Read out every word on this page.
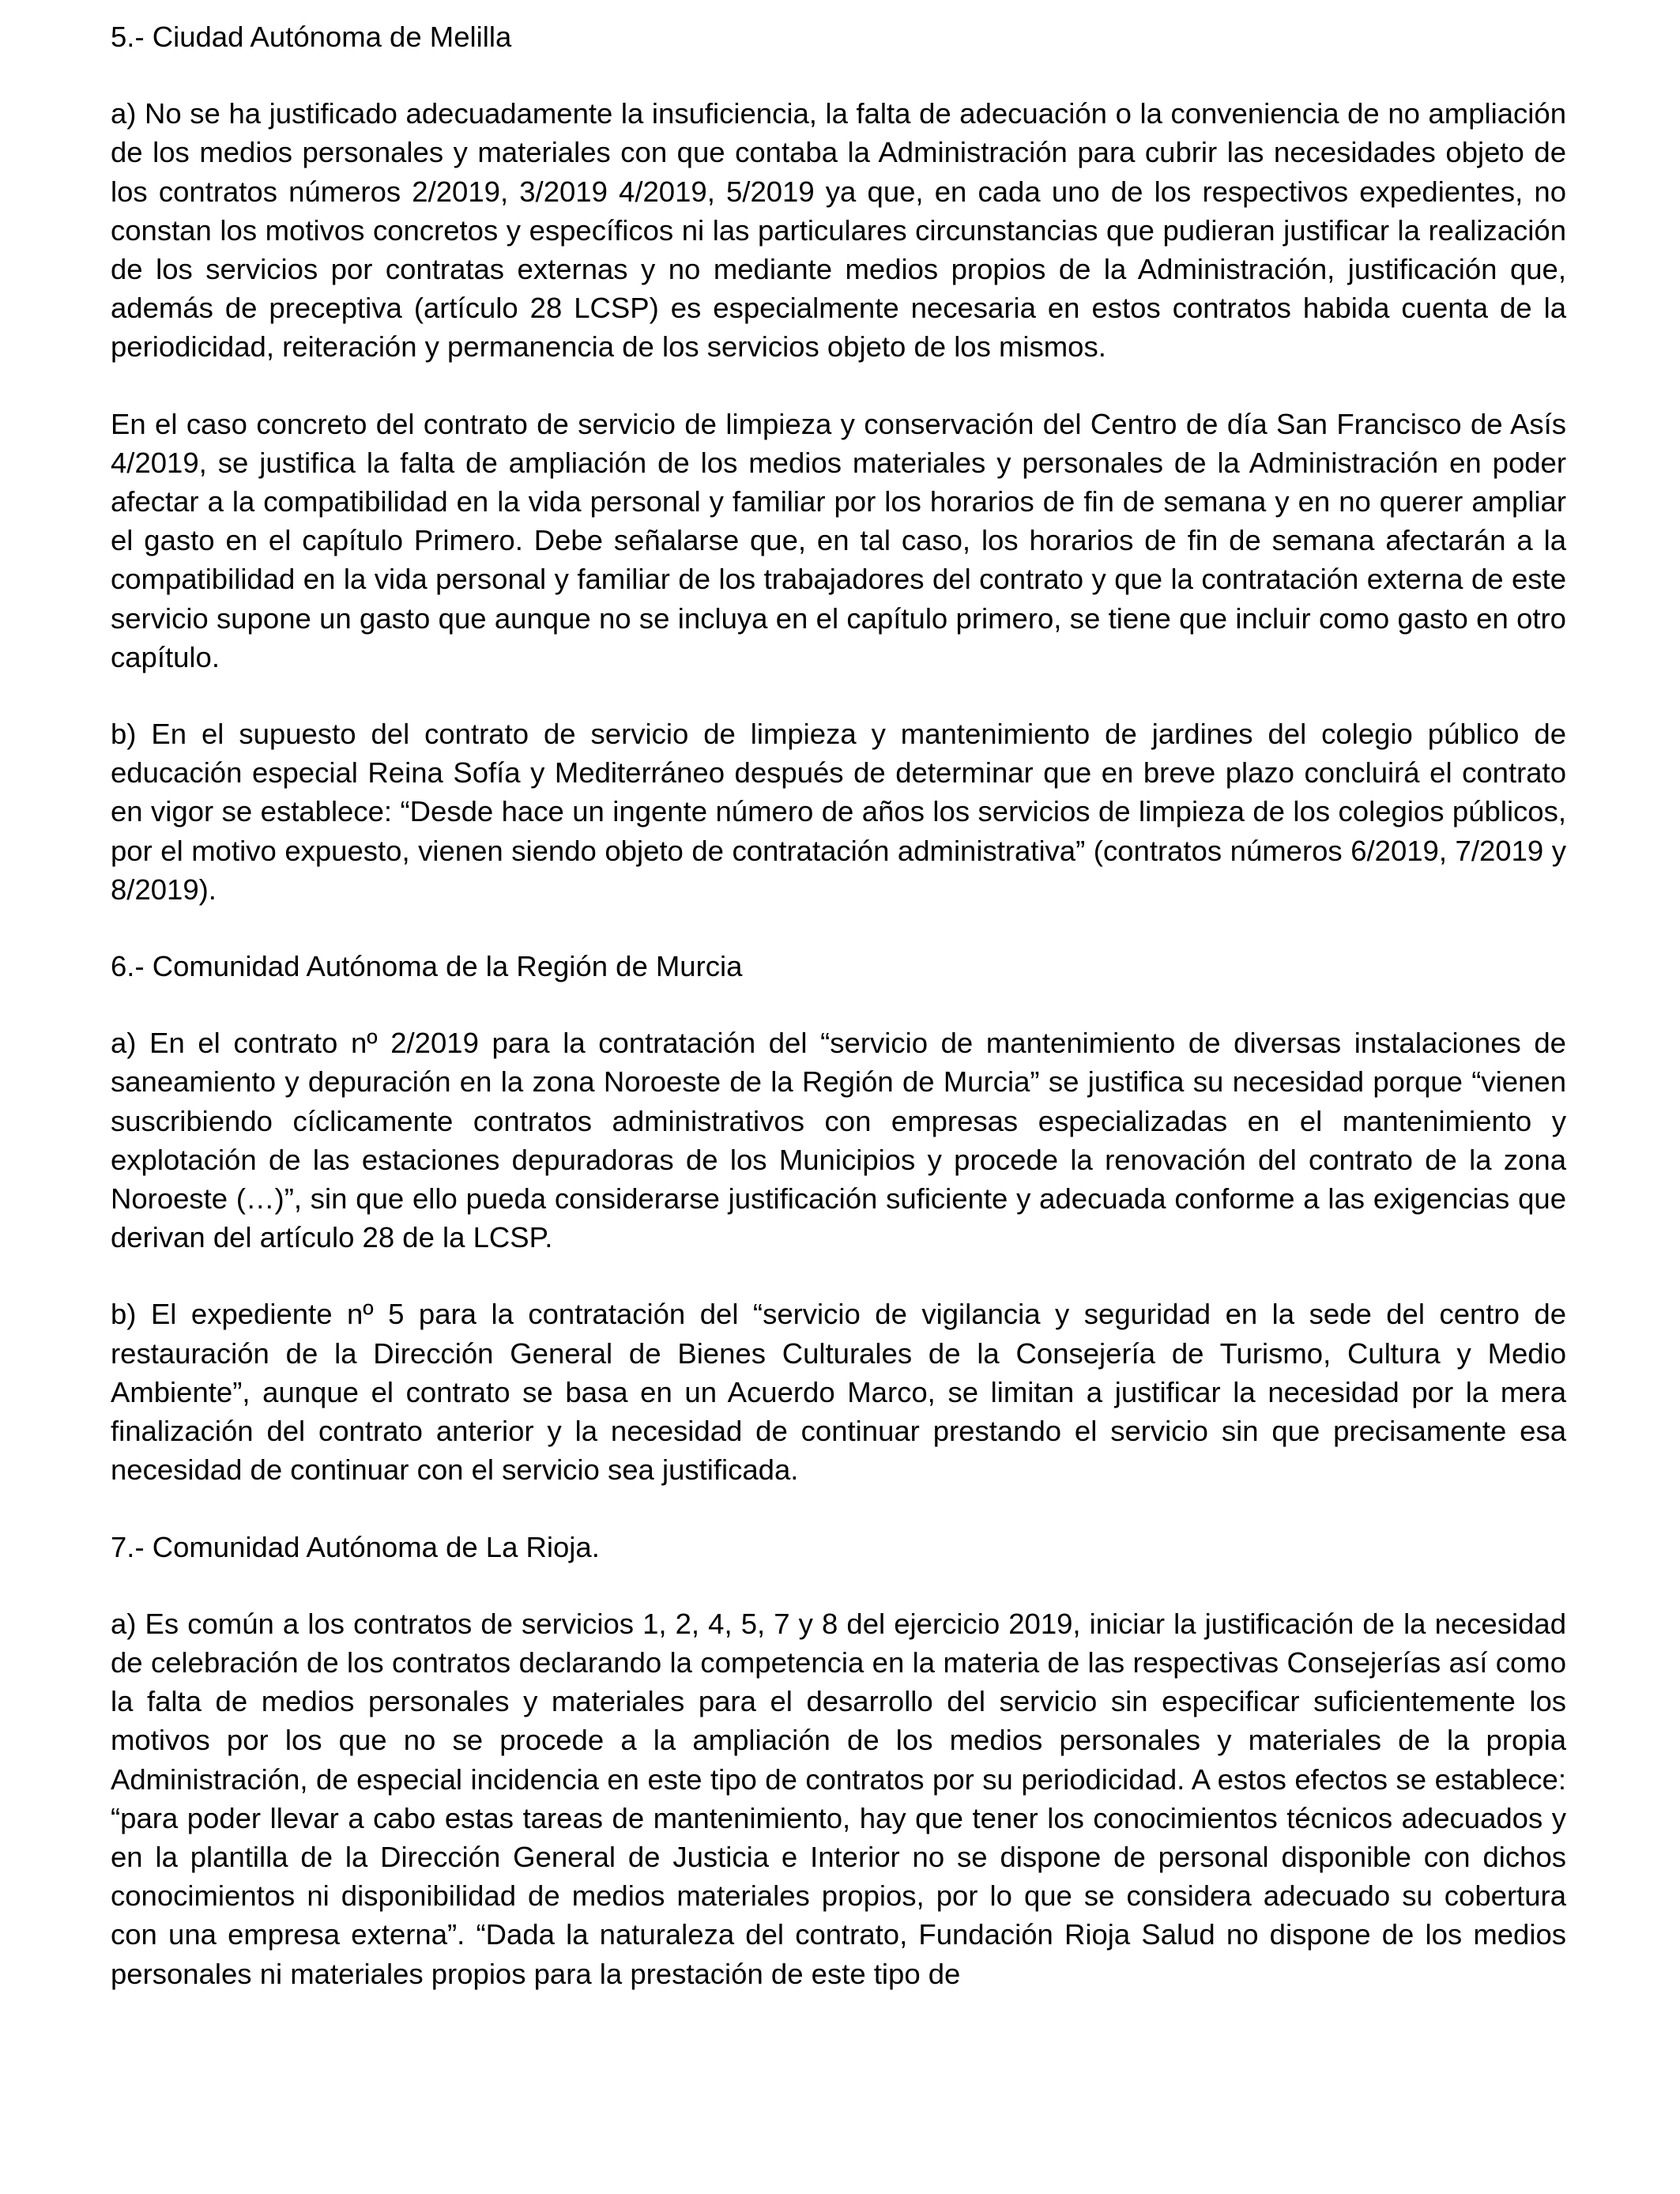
5.- Ciudad Autónoma de Melilla

a) No se ha justificado adecuadamente la insuficiencia, la falta de adecuación o la conveniencia de no ampliación de los medios personales y materiales con que contaba la Administración para cubrir las necesidades objeto de los contratos números 2/2019, 3/2019 4/2019, 5/2019 ya que, en cada uno de los respectivos expedientes, no constan los motivos concretos y específicos ni las particulares circunstancias que pudieran justificar la realización de los servicios por contratas externas y no mediante medios propios de la Administración, justificación que, además de preceptiva (artículo 28 LCSP) es especialmente necesaria en estos contratos habida cuenta de la periodicidad, reiteración y permanencia de los servicios objeto de los mismos.

En el caso concreto del contrato de servicio de limpieza y conservación del Centro de día San Francisco de Asís 4/2019, se justifica la falta de ampliación de los medios materiales y personales de la Administración en poder afectar a la compatibilidad en la vida personal y familiar por los horarios de fin de semana y en no querer ampliar el gasto en el capítulo Primero. Debe señalarse que, en tal caso, los horarios de fin de semana afectarán a la compatibilidad en la vida personal y familiar de los trabajadores del contrato y que la contratación externa de este servicio supone un gasto que aunque no se incluya en el capítulo primero, se tiene que incluir como gasto en otro capítulo.

b) En el supuesto del contrato de servicio de limpieza y mantenimiento de jardines del colegio público de educación especial Reina Sofía y Mediterráneo después de determinar que en breve plazo concluirá el contrato en vigor se establece: “Desde hace un ingente número de años los servicios de limpieza de los colegios públicos, por el motivo expuesto, vienen siendo objeto de contratación administrativa” (contratos números 6/2019, 7/2019 y 8/2019).

6.- Comunidad Autónoma de la Región de Murcia

a) En el contrato nº 2/2019 para la contratación del “servicio de mantenimiento de diversas instalaciones de saneamiento y depuración en la zona Noroeste de la Región de Murcia” se justifica su necesidad porque “vienen suscribiendo cíclicamente contratos administrativos con empresas especializadas en el mantenimiento y explotación de las estaciones depuradoras de los Municipios y procede la renovación del contrato de la zona Noroeste (…)”, sin que ello pueda considerarse justificación suficiente y adecuada conforme a las exigencias que derivan del artículo 28 de la LCSP.

b) El expediente nº 5 para la contratación del “servicio de vigilancia y seguridad en la sede del centro de restauración de la Dirección General de Bienes Culturales de la Consejería de Turismo, Cultura y Medio Ambiente”, aunque el contrato se basa en un Acuerdo Marco, se limitan a justificar la necesidad por la mera finalización del contrato anterior y la necesidad de continuar prestando el servicio sin que precisamente esa necesidad de continuar con el servicio sea justificada.

7.- Comunidad Autónoma de La Rioja.

a) Es común a los contratos de servicios 1, 2, 4, 5, 7 y 8 del ejercicio 2019, iniciar la justificación de la necesidad de celebración de los contratos declarando la competencia en la materia de las respectivas Consejerías así como la falta de medios personales y materiales para el desarrollo del servicio sin especificar suficientemente los motivos por los que no se procede a la ampliación de los medios personales y materiales de la propia Administración, de especial incidencia en este tipo de contratos por su periodicidad. A estos efectos se establece: “para poder llevar a cabo estas tareas de mantenimiento, hay que tener los conocimientos técnicos adecuados y en la plantilla de la Dirección General de Justicia e Interior no se dispone de personal disponible con dichos conocimientos ni disponibilidad de medios materiales propios, por lo que se considera adecuado su cobertura con una empresa externa”. “Dada la naturaleza del contrato, Fundación Rioja Salud no dispone de los medios personales ni materiales propios para la prestación de este tipo de
